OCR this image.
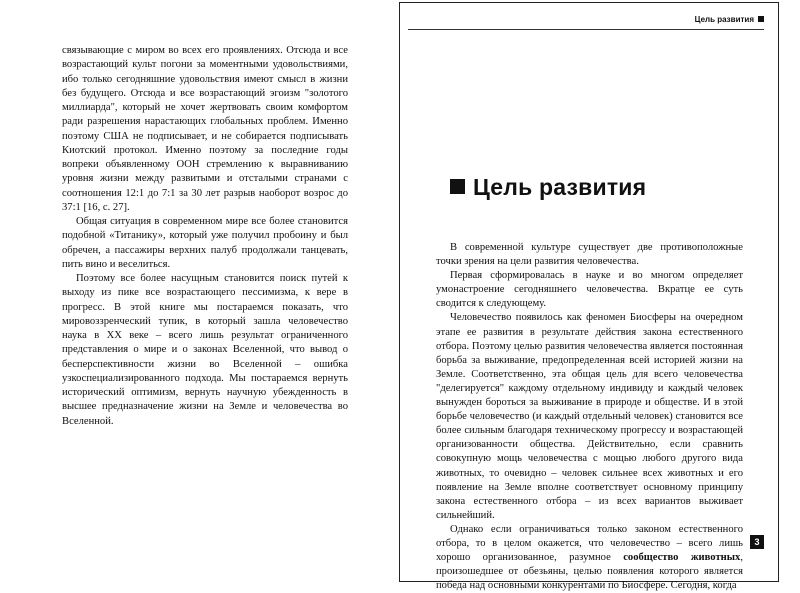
связывающие с миром во всех его проявлениях. Отсюда и все возрастающий культ погони за моментными удовольствиями, ибо только сегодняшние удовольствия имеют смысл в жизни без будущего. Отсюда и все возрастающий эгоизм "золотого миллиарда", который не хочет жертвовать своим комфортом ради разрешения нарастающих глобальных проблем. Именно поэтому США не подписывает, и не собирается подписывать Киотский протокол. Именно поэтому за последние годы вопреки объявленному ООН стремлению к выравниванию уровня жизни между развитыми и отсталыми странами с соотношения 12:1 до 7:1 за 30 лет разрыв наоборот возрос до 37:1 [16, с. 27].

Общая ситуация в современном мире все более становится подобной «Титанику», который уже получил пробоину и был обречен, а пассажиры верхних палуб продолжали танцевать, пить вино и веселиться.

Поэтому все более насущным становится поиск путей к выходу из пике все возрастающего пессимизма, к вере в прогресс. В этой книге мы постараемся показать, что мировоззренческий тупик, в который зашла человечество наука в XX веке – всего лишь результат ограниченного представления о мире и о законах Вселенной, что вывод о бесперспективности жизни во Вселенной – ошибка узкоспециализированного подхода. Мы постараемся вернуть исторический оптимизм, вернуть научную убежденность в высшее предназначение жизни на Земле и человечества во Вселенной.

Цель развития
Цель развития

В современной культуре существует две противоположные точки зрения на цели развития человечества.

Первая сформировалась в науке и во многом определяет умонастроение сегодняшнего человечества. Вкратце ее суть сводится к следующему.

Человечество появилось как феномен Биосферы на очередном этапе ее развития в результате действия закона естественного отбора. Поэтому целью развития человечества является постоянная борьба за выживание, предопределенная всей историей жизни на Земле. Соответственно, эта общая цель для всего человечества "делегируется" каждому отдельному индивиду и каждый человек вынужден бороться за выживание в природе и обществе. И в этой борьбе человечество (и каждый отдельный человек) становится все более сильным благодаря техническому прогрессу и возрастающей организованности общества. Действительно, если сравнить совокупную мощь человечества с мощью любого другого вида животных, то очевидно – человек сильнее всех животных и его появление на Земле вполне соответствует основному принципу закона естественного отбора – из всех вариантов выживает сильнейший.

Однако если ограничиваться только законом естественного отбора, то в целом окажется, что человечество – всего лишь хорошо организованное, разумное сообщество животных, произошедшее от обезьяны, целью появления которого является победа над основными конкурентами по Биосфере. Сегодня, когда

3
